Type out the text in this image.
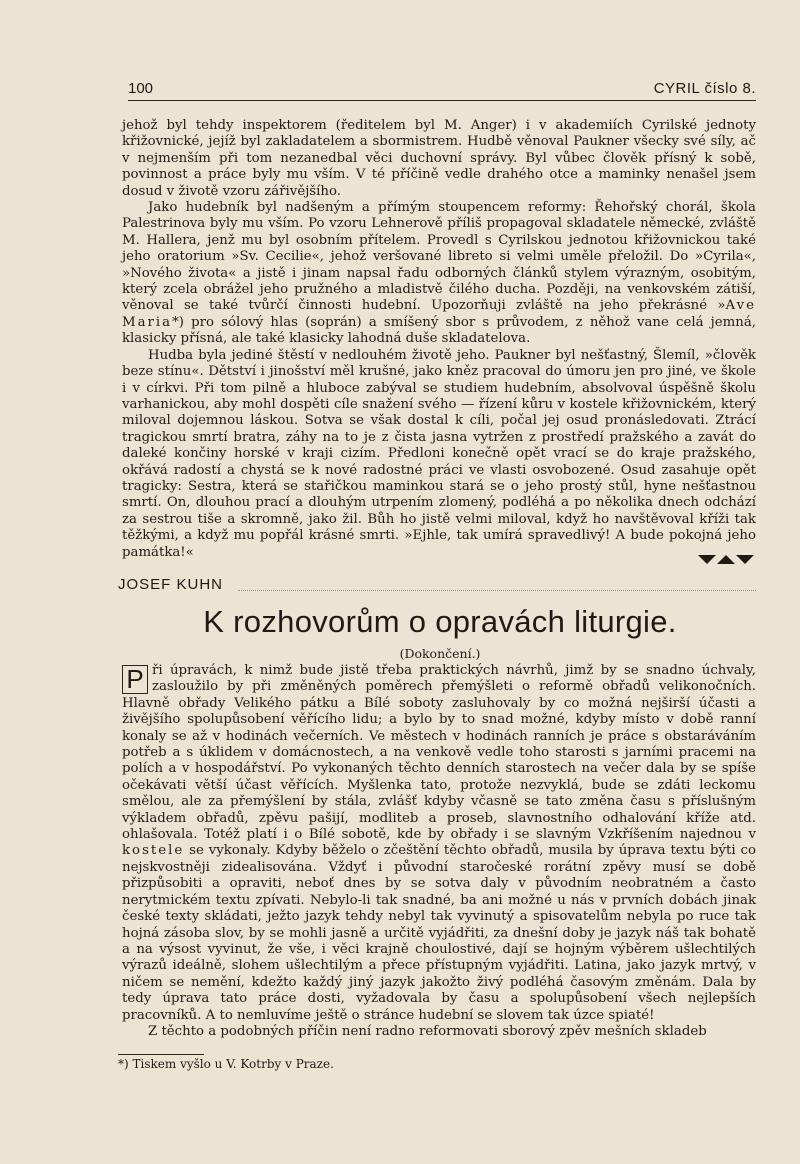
100	CYRIL číslo 8.

jehož byl tehdy inspektorem (ředitelem byl M. Anger) i v akademiích Cyrilské jednoty křižovnické, jejíž byl zakladatelem a sbormistrem. Hudbě věnoval Paukner všecky své síly, ač v nejmenším při tom nezanedbal věci duchovní správy. Byl vůbec člověk přísný k sobě, povinnost a práce byly mu vším. V té příčině vedle drahého otce a maminky nenašel jsem dosud v životě vzoru zářivějšího.

Jako hudebník byl nadšeným a přímým stoupencem reformy: Řehořský chorál, škola Palestrinova byly mu vším. Po vzoru Lehnerově příliš propagoval skladatele německé, zvláště M. Hallera, jenž mu byl osobním přítelem. Provedl s Cyrilskou jednotou křižovnickou také jeho oratorium »Sv. Cecilie«, jehož veršované libreto si velmi uměle přeložil. Do »Cyrila«, »Nového života« a jistě i jinam napsal řadu odborných článků stylem výrazným, osobitým, který zcela obrážel jeho pružného a mladistvě čilého ducha. Později, na venkovském zátiší, věnoval se také tvůrčí činnosti hudební. Upozorňuji zvláště na jeho překrásné »Ave Maria*) pro sólový hlas (soprán) a smíšený sbor s průvodem, z něhož vane celá jemná, klasicky přísná, ale také klasicky lahodná duše skladatelova.

Hudba byla jediné štěstí v nedlouhém životě jeho. Paukner byl nešťastný, Šlemíl, »člověk beze stínu«. Dětství i jinošství měl krušné, jako kněz pracoval do úmoru jen pro jiné, ve škole i v církvi. Při tom pilně a hluboce zabýval se studiem hudebním, absolvoval úspěšně školu varhanickou, aby mohl dospěti cíle snažení svého — řízení kůru v kostele křižovnickém, který miloval dojemnou láskou. Sotva se však dostal k cíli, počal jej osud pronásledovati. Ztrácí tragickou smrtí bratra, záhy na to je z čista jasna vytržen z prostředí pražského a zavát do daleké končiny horské v kraji cizím. Předloni konečně opět vrací se do kraje pražského, okřává radostí a chystá se k nové radostné práci ve vlasti osvobozené. Osud zasahuje opět tragicky: Sestra, která se stařičkou maminkou stará se o jeho prostý stůl, hyne nešťastnou smrtí. On, dlouhou prací a dlouhým utrpením zlomený, podléhá a po několika dnech odchází za sestrou tiše a skromně, jako žil. Bůh ho jistě velmi miloval, když ho navštěvoval kříži tak těžkými, a když mu popřál krásné smrti. »Ejhle, tak umírá spravedlivý! A bude pokojná jeho památka!«

JOSEF KUHN
K rozhovorům o opravách liturgie.
(Dokončení.)

P ři úpravách, k nimž bude jistě třeba praktických návrhů, jimž by se snadno úchvaly, zasloužilo by při změněných poměrech přemýšleti o reformě obřadů velikonočních. Hlavně obřady Velikého pátku a Bílé soboty zasluhovaly by co možná nejširší účasti a živějšího spolupůsobení věřícího lidu; a bylo by to snad možné, kdyby místo v době ranní konaly se až v hodinách večerních. Ve městech v hodinách ranních je práce s obstaráváním potřeb a s úklidem v domácnostech, a na venkově vedle toho starosti s jarními pracemi na polích a v hospodářství. Po vykonaných těchto denních starostech na večer dala by se spíše očekávati větší účast věřících. Myšlenka tato, protože nezvyklá, bude se zdáti leckomu smělou, ale za přemýšlení by stála, zvlášť kdyby včasně se tato změna času s příslušným výkladem obřadů, zpěvu pašijí, modliteb a proseb, slavnostního odhalování kříže atd. ohlašovala. Totéž platí i o Bílé sobotě, kde by obřady i se slavným Vzkříšením najednou v kostele se vykonaly. Kdyby běželo o zčeštění těchto obřadů, musila by úprava textu býti co nejskvostněji zidealisována. Vždyť i původní staročeské rorátní zpěvy musí se době přizpůsobiti a opraviti, neboť dnes by se sotva daly v původním neobratném a často nerytmickém textu zpívati. Nebylo-li tak snadné, ba ani možné u nás v prvních dobách jinak české texty skládati, ježto jazyk tehdy nebyl tak vyvinutý a spisovatelům nebyla po ruce tak hojná zásoba slov, by se mohli jasně a určitě vyjádřiti, za dnešní doby je jazyk náš tak bohatě a na výsost vyvinut, že vše, i věci krajně choulostivé, dají se hojným výběrem ušlechtilých výrazů ideálně, slohem ušlechtilým a přece přístupným vyjádřiti. Latina, jako jazyk mrtvý, v ničem se nemění, kdežto každý jiný jazyk jakožto živý podléhá časovým změnám. Dala by tedy úprava tato práce dosti, vyžadovala by času a spolupůsobení všech nejlepších pracovníků. A to nemluvíme ještě o stránce hudební se slovem tak úzce spiaté!

Z těchto a podobných příčin není radno reformovati sborový zpěv mešních skladeb

*) Tiskem vyšlo u V. Kotrby v Praze.
